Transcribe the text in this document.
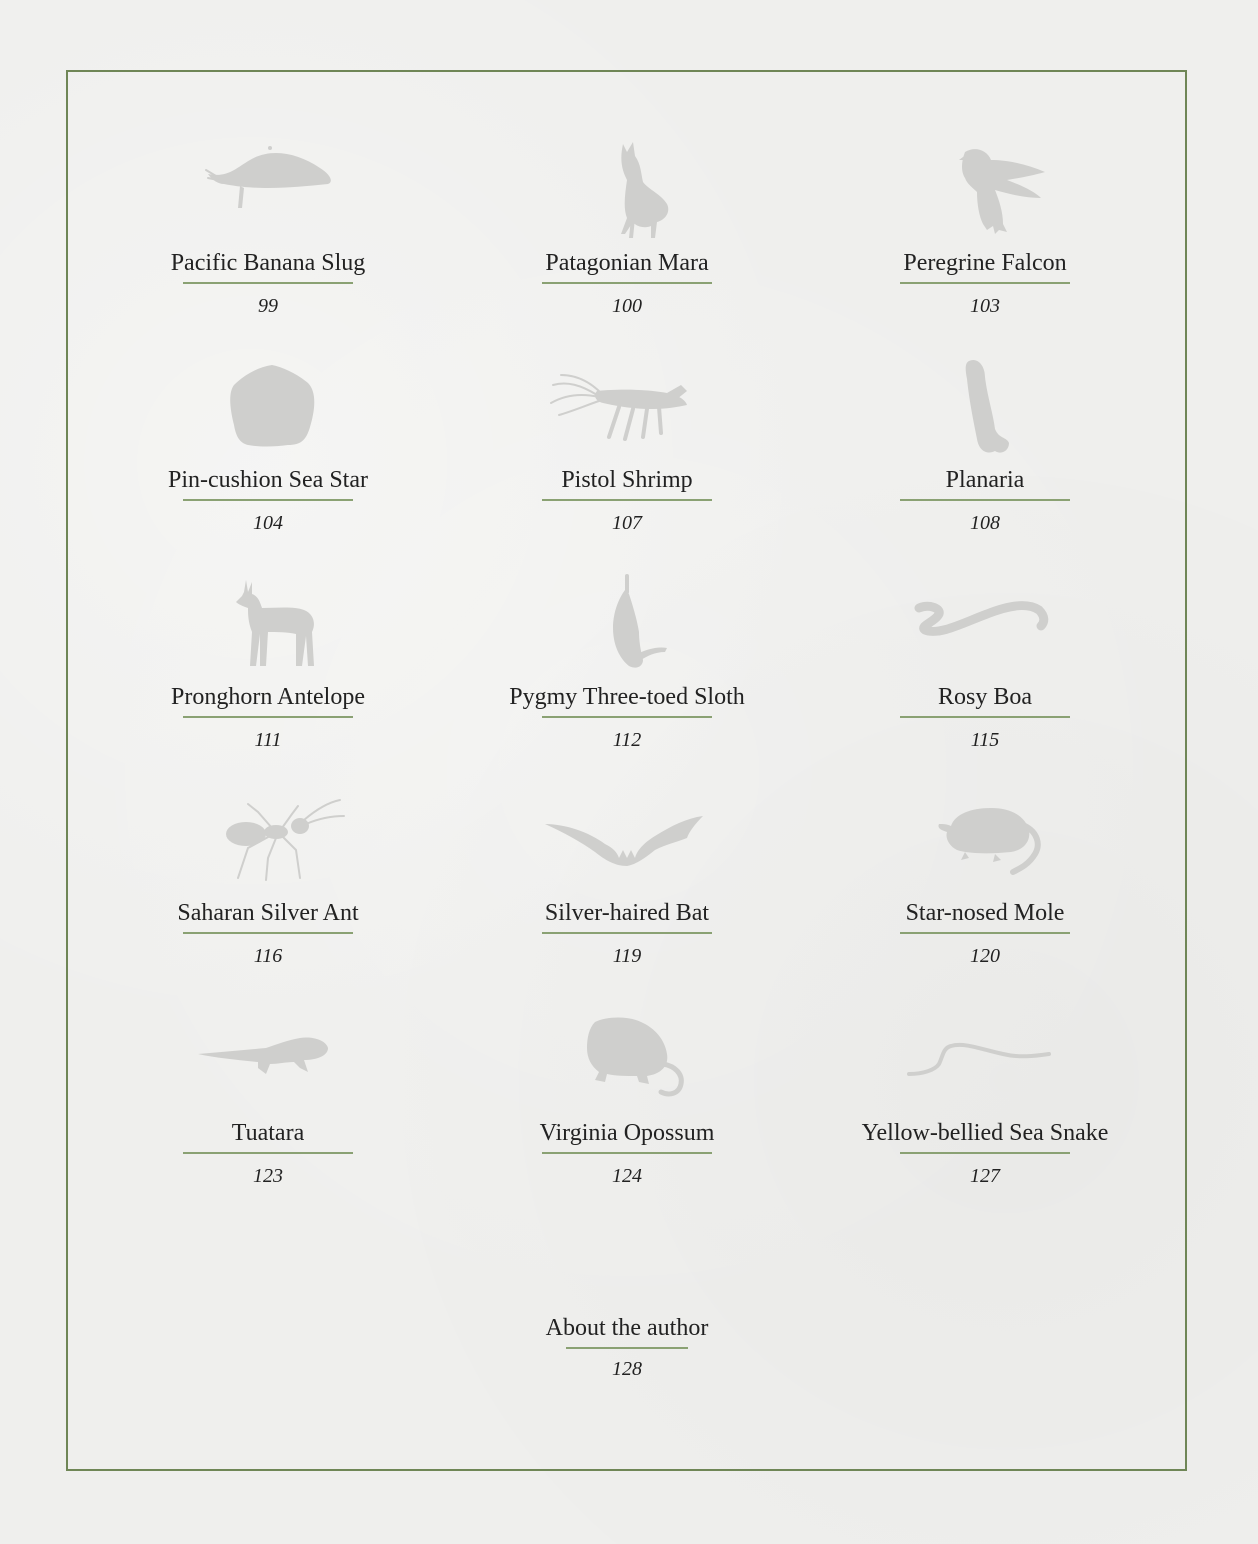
Pacific Banana Slug
99
Patagonian Mara
100
Peregrine Falcon
103
Pin-cushion Sea Star
104
Pistol Shrimp
107
Planaria
108
Pronghorn Antelope
111
Pygmy Three-toed Sloth
112
Rosy Boa
115
Saharan Silver Ant
116
Silver-haired Bat
119
Star-nosed Mole
120
Tuatara
123
Virginia Opossum
124
Yellow-bellied Sea Snake
127
About the author
128
